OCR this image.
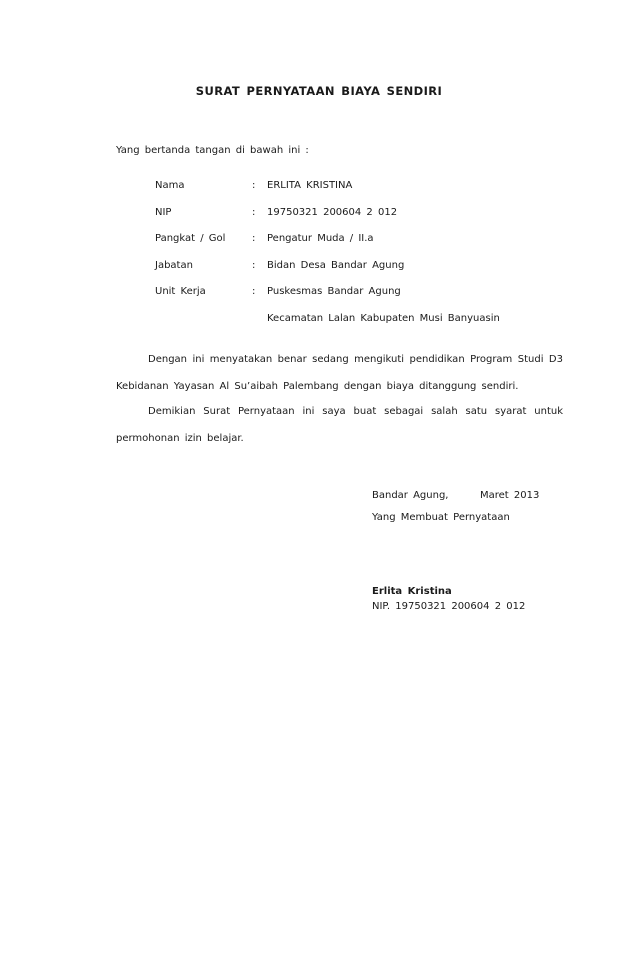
SURAT PERNYATAAN BIAYA SENDIRI
Yang bertanda tangan di bawah ini :
Nama	: ERLITA KRISTINA
NIP	: 19750321 200604 2 012
Pangkat / Gol	: Pengatur Muda / II.a
Jabatan	: Bidan Desa Bandar Agung
Unit Kerja	: Puskesmas Bandar Agung
Kecamatan Lalan Kabupaten Musi Banyuasin
Dengan ini menyatakan benar sedang mengikuti pendidikan Program Studi D3 Kebidanan Yayasan Al Su’aibah Palembang dengan biaya ditanggung sendiri.
Demikian Surat Pernyataan ini saya buat sebagai salah satu syarat untuk permohonan izin belajar.
Bandar Agung,	Maret 2013
Yang Membuat Pernyataan
Erlita Kristina
NIP. 19750321 200604 2 012
